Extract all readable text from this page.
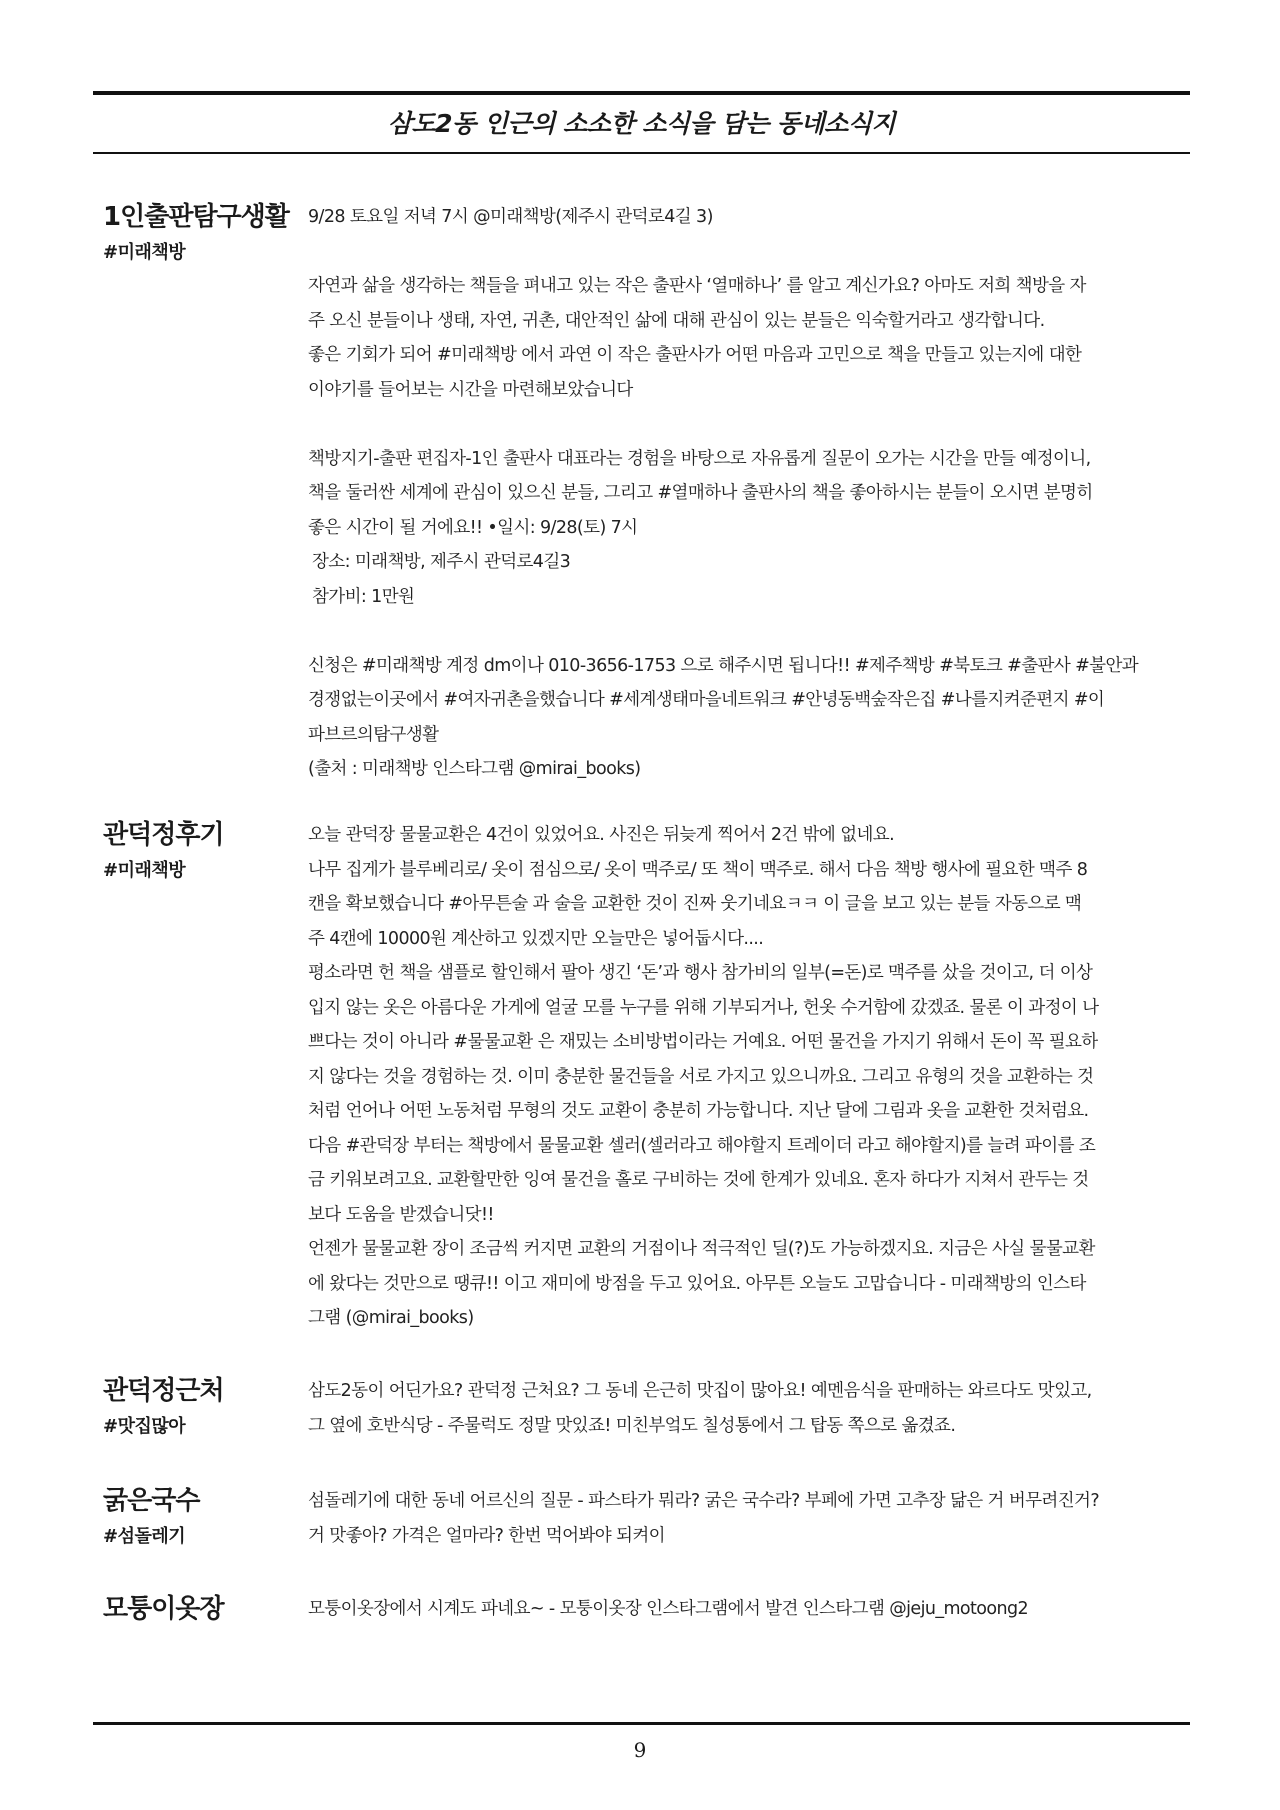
삼도2동 인근의 소소한 소식을 담는 동네소식지
1인출판탐구생활
#미래책방

9/28 토요일 저녁 7시 @미래책방(제주시 관덕로4길 3)

자연과 삶을 생각하는 책들을 펴내고 있는 작은 출판사 ‘열매하나’ 를 알고 계신가요? 아마도 저희 책방을 자

주 오신 분들이나 생태, 자연, 귀촌, 대안적인 삶에 대해 관심이 있는 분들은 익숙할거라고 생각합니다.

좋은 기회가 되어 #미래책방 에서 과연 이 작은 출판사가 어떤 마음과 고민으로 책을 만들고 있는지에 대한

이야기를 들어보는 시간을 마련해보았습니다

책방지기-출판 편집자-1인 출판사 대표라는 경험을 바탕으로 자유롭게 질문이 오가는 시간을 만들 예정이니,

책을 둘러싼 세계에 관심이 있으신 분들, 그리고 #열매하나 출판사의 책을 좋아하시는 분들이 오시면 분명히

좋은 시간이 될 거에요!! •일시: 9/28(토) 7시

장소: 미래책방, 제주시 관덕로4길3

참가비: 1만원

신청은 #미래책방 계정 dm이나 010-3656-1753 으로 해주시면 됩니다!! #제주책방 #북토크 #출판사 #불안과

경쟁없는이곳에서 #여자귀촌을했습니다 #세계생태마을네트워크 #안녕동백숲작은집 #나를지켜준편지 #이

파브르의탐구생활

(출처 : 미래책방 인스타그램 @mirai_books)

관덕정후기
#미래책방

오늘 관덕장 물물교환은 4건이 있었어요. 사진은 뒤늦게 찍어서 2건 밖에 없네요.

나무 집게가 블루베리로/ 옷이 점심으로/ 옷이 맥주로/ 또 책이 맥주로. 해서 다음 책방 행사에 필요한 맥주 8

캔을 확보했습니다 #아무튼술 과 술을 교환한 것이 진짜 웃기네요ㅋㅋ 이 글을 보고 있는 분들 자동으로 맥

주 4캔에 10000원 계산하고 있겠지만 오늘만은 넣어둡시다....

평소라면 헌 책을 샘플로 할인해서 팔아 생긴 ‘돈’과 행사 참가비의 일부(=돈)로 맥주를 샀을 것이고, 더 이상

입지 않는 옷은 아름다운 가게에 얼굴 모를 누구를 위해 기부되거나, 헌옷 수거함에 갔겠죠. 물론 이 과정이 나

쁘다는 것이 아니라 #물물교환 은 재밌는 소비방법이라는 거예요. 어떤 물건을 가지기 위해서 돈이 꼭 필요하

지 않다는 것을 경험하는 것. 이미 충분한 물건들을 서로 가지고 있으니까요. 그리고 유형의 것을 교환하는 것

처럼 언어나 어떤 노동처럼 무형의 것도 교환이 충분히 가능합니다. 지난 달에 그림과 옷을 교환한 것처럼요.

다음 #관덕장 부터는 책방에서 물물교환 셀러(셀러라고 해야할지 트레이더 라고 해야할지)를 늘려 파이를 조

금 키워보려고요. 교환할만한 잉여 물건을 홀로 구비하는 것에 한계가 있네요. 혼자 하다가 지쳐서 관두는 것

보다 도움을 받겠습니닷!!

언젠가 물물교환 장이 조금씩 커지면 교환의 거점이나 적극적인 딜(?)도 가능하겠지요. 지금은 사실 물물교환

에 왔다는 것만으로 땡큐!! 이고 재미에 방점을 두고 있어요. 아무튼 오늘도 고맙습니다 - 미래책방의 인스타

그램 (@mirai_books)

관덕정근처
#맛집많아

삼도2동이 어딘가요? 관덕정 근처요? 그 동네 은근히 맛집이 많아요! 예멘음식을 판매하는 와르다도 맛있고,

그 옆에 호반식당 - 주물럭도 정말 맛있죠! 미친부엌도 칠성통에서 그 탑동 쪽으로 옮겼죠.

굵은국수
#섬돌레기

섬돌레기에 대한 동네 어르신의 질문 - 파스타가 뭐라? 굵은 국수라? 부페에 가면 고추장 닮은 거 버무려진거?

거 맛좋아? 가격은 얼마라? 한번 먹어봐야 되켜이

모퉁이옷장	모퉁이옷장에서 시계도 파네요~ - 모퉁이옷장 인스타그램에서 발견 인스타그램 @jeju_motoong2

9
